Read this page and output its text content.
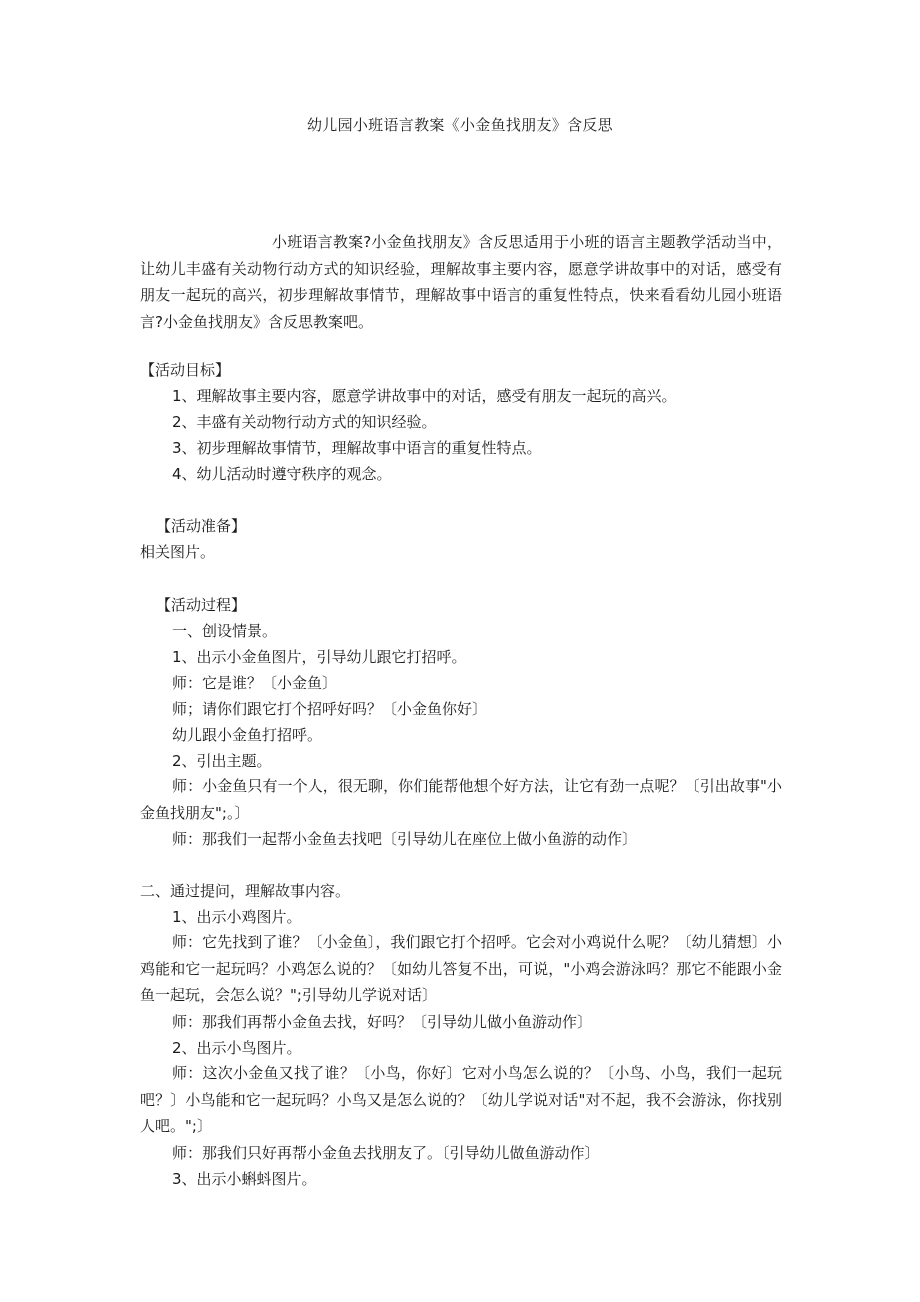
幼儿园小班语言教案《小金鱼找朋友》含反思
小班语言教案?小金鱼找朋友》含反思适用于小班的语言主题教学活动当中，让幼儿丰盛有关动物行动方式的知识经验，理解故事主要内容，愿意学讲故事中的对话，感受有朋友一起玩的高兴，初步理解故事情节，理解故事中语言的重复性特点，快来看看幼儿园小班语言?小金鱼找朋友》含反思教案吧。
【活动目标】
1、理解故事主要内容，愿意学讲故事中的对话，感受有朋友一起玩的高兴。
2、丰盛有关动物行动方式的知识经验。
3、初步理解故事情节，理解故事中语言的重复性特点。
4、幼儿活动时遵守秩序的观念。
【活动准备】
相关图片。
【活动过程】
一、创设情景。
1、出示小金鱼图片，引导幼儿跟它打招呼。
师：它是谁？〔小金鱼〕
师；请你们跟它打个招呼好吗？〔小金鱼你好〕
幼儿跟小金鱼打招呼。
2、引出主题。
师：小金鱼只有一个人，很无聊，你们能帮他想个好方法，让它有劲一点呢？〔引出故事"小金鱼找朋友";。〕
师：那我们一起帮小金鱼去找吧〔引导幼儿在座位上做小鱼游的动作〕
二、通过提问，理解故事内容。
1、出示小鸡图片。
师：它先找到了谁？〔小金鱼〕，我们跟它打个招呼。它会对小鸡说什么呢？〔幼儿猜想〕小鸡能和它一起玩吗？小鸡怎么说的？〔如幼儿答复不出，可说，"小鸡会游泳吗？那它不能跟小金鱼一起玩，会怎么说？";引导幼儿学说对话〕
师：那我们再帮小金鱼去找，好吗？〔引导幼儿做小鱼游动作〕
2、出示小鸟图片。
师：这次小金鱼又找了谁？〔小鸟，你好〕它对小鸟怎么说的？〔小鸟、小鸟，我们一起玩吧？〕小鸟能和它一起玩吗？小鸟又是怎么说的？〔幼儿学说对话"对不起，我不会游泳，你找别人吧。";〕
师：那我们只好再帮小金鱼去找朋友了。〔引导幼儿做鱼游动作〕
3、出示小蝌蚪图片。
